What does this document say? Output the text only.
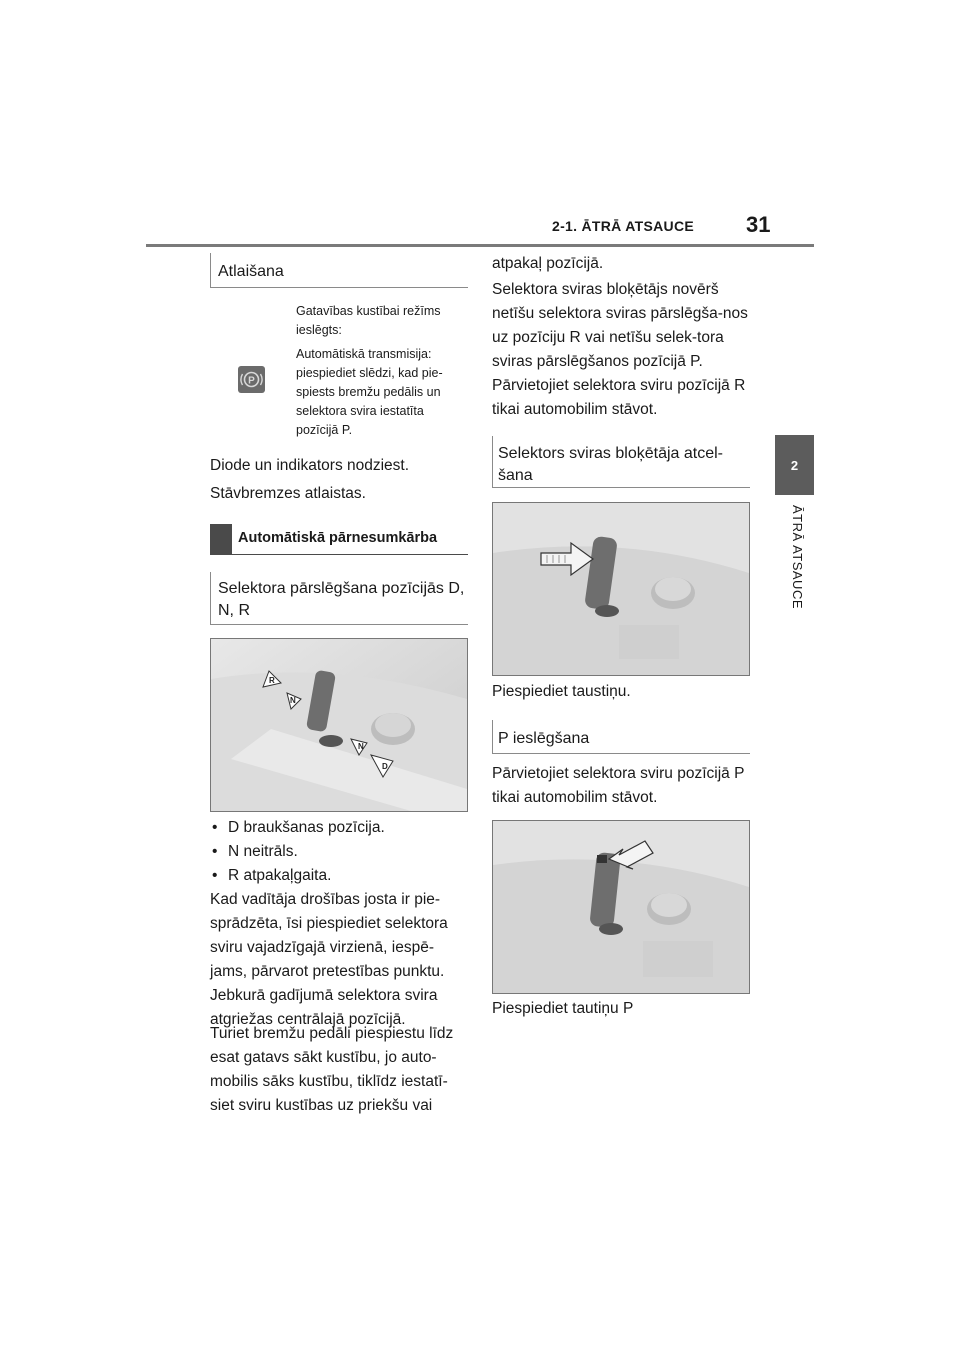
2-1. ĀTRĀ ATSAUCE 31
2
ĀTRĀ ATSAUCE
Atlaišana
P
Gatavības kustībai režīms ieslēgts:
Automātiskā transmisija: piespiediet slēdzi, kad pie-spiests bremžu pedālis un selektora svira iestatīta pozīcijā P.
Diode un indikators nodziest.
Stāvbremzes atlaistas.
Automātiskā pārnesumkārba
Selektora pārslēgšana pozīcijās D, N, R
R
N
N
D
• D braukšanas pozīcija.
• N neitrāls.
• R atpakaļgaita.
Kad vadītāja drošības josta ir pie-sprādzēta, īsi piespiediet selektora sviru vajadzīgajā virzienā, iespē-jams, pārvarot pretestības punktu. Jebkurā gadījumā selektora svira atgriežas centrālajā pozīcijā.
Turiet bremžu pedāli piespiestu līdz esat gatavs sākt kustību, jo auto-mobilis sāks kustību, tiklīdz iestatī-siet sviru kustības uz priekšu vai
atpakaļ pozīcijā.
Selektora sviras bloķētājs novērš netīšu selektora sviras pārslēgša-nos uz pozīciju R vai netīšu selek-tora sviras pārslēgšanos pozīcijā P.
Pārvietojiet selektora sviru pozīcijā R tikai automobilim stāvot.
Selektors sviras bloķētāja atcel-šana
Piespiediet taustiņu.
P ieslēgšana
Pārvietojiet selektora sviru pozīcijā P tikai automobilim stāvot.
Piespiediet tautiņu P
